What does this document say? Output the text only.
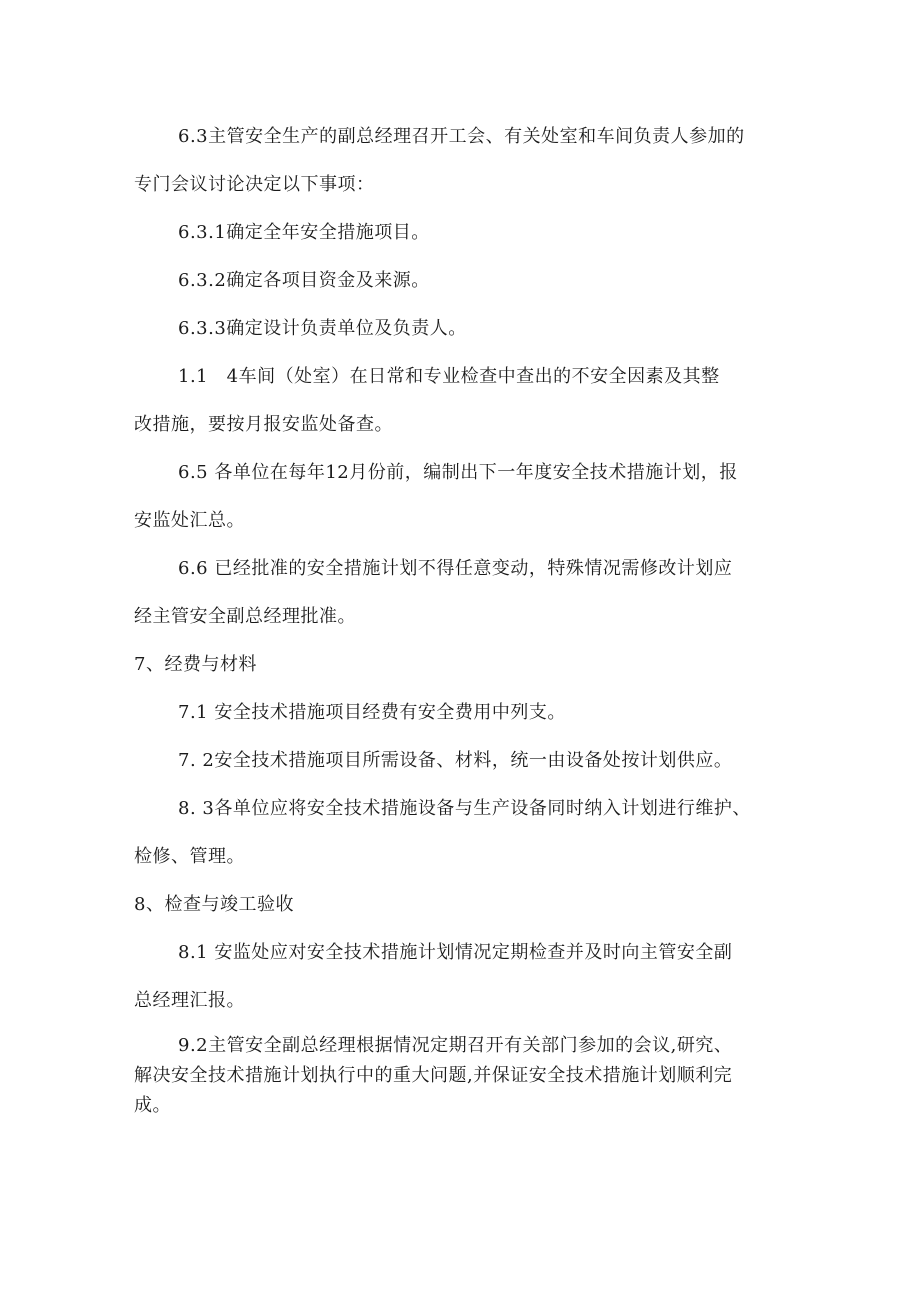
6.3主管安全生产的副总经理召开工会、有关处室和车间负责人参加的
专门会议讨论决定以下事项：

6.3.1确定全年安全措施项目。

6.3.2确定各项目资金及来源。

6.3.3确定设计负责单位及负责人。

1.1　4车间（处室）在日常和专业检查中查出的不安全因素及其整
改措施，要按月报安监处备查。

6.5 各单位在每年12月份前，编制出下一年度安全技术措施计划，报
安监处汇总。

6.6 已经批准的安全措施计划不得任意变动，特殊情况需修改计划应
经主管安全副总经理批准。

7、经费与材料

7.1 安全技术措施项目经费有安全费用中列支。

7. 2安全技术措施项目所需设备、材料，统一由设备处按计划供应。

8. 3各单位应将安全技术措施设备与生产设备同时纳入计划进行维护、
检修、管理。

8、检查与竣工验收

8.1 安监处应对安全技术措施计划情况定期检查并及时向主管安全副
总经理汇报。

9.2主管安全副总经理根据情况定期召开有关部门参加的会议,研究、
解决安全技术措施计划执行中的重大问题,并保证安全技术措施计划顺利完
成。
